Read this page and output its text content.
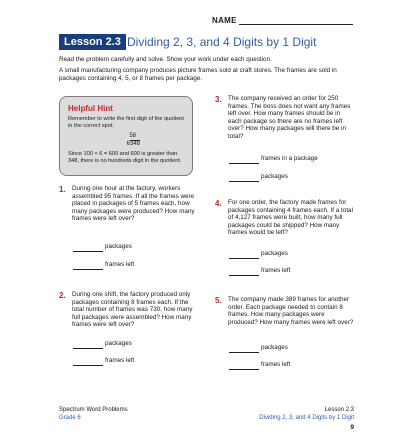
NAME
Lesson 2.3 Dividing 2, 3, and 4 Digits by 1 Digit
Read the problem carefully and solve. Show your work under each question.
A small manufacturing company produces picture frames sold at craft stores. The frames are sold in packages containing 4, 5, or 8 frames per package.
Helpful Hint
Remember to write the first digit of the quotient in the correct spot.
58
6348
Since 100 × 6 = 600 and 600 is greater than 348, there is no hundreds digit in the quotient.
1. During one hour at the factory, workers assembled 95 frames. If all the frames were placed in packages of 5 frames each, how many packages were produced? How many frames were left over?
packages
frames left
2. During one shift, the factory produced only packages containing 8 frames each. If the total number of frames was 730, how many full packages were assembled? How many frames were left over?
packages
frames left
3. The company received an order for 250 frames. The boss does not want any frames left over. How many frames should be in each package so there are no frames left over? How many packages will there be in total?
frames in a package
packages
4. For one order, the factory made frames for packages containing 4 frames each. If a total of 4,127 frames were built, how many full packages could be shipped? How many frames would be left?
packages
frames left
5. The company made 389 frames for another order. Each package needed to contain 8 frames. How many packages were produced? How many frames were left over?
packages
frames left
Spectrum Word Problems
Grade 6
Lesson 2.3
Dividing 2, 3, and 4 Digits by 1 Digit
9
